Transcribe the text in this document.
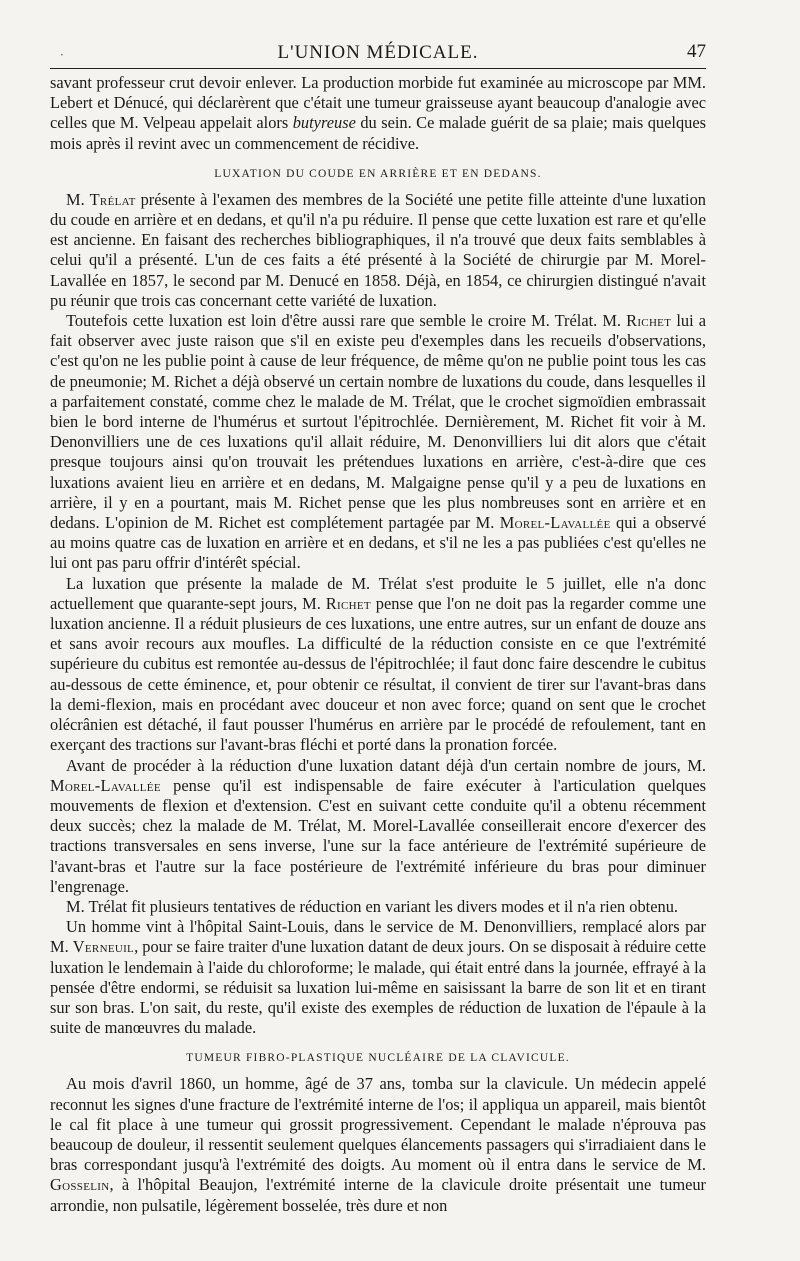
·	L'UNION MÉDICALE.	47

savant professeur crut devoir enlever. La production morbide fut examinée au microscope par MM. Lebert et Dénucé, qui déclarèrent que c'était une tumeur graisseuse ayant beaucoup d'analogie avec celles que M. Velpeau appelait alors butyreuse du sein. Ce malade guérit de sa plaie; mais quelques mois après il revint avec un commencement de récidive.

LUXATION DU COUDE EN ARRIÈRE ET EN DEDANS.

M. Trélat présente à l'examen des membres de la Société une petite fille atteinte d'une luxation du coude en arrière et en dedans, et qu'il n'a pu réduire. Il pense que cette luxation est rare et qu'elle est ancienne. En faisant des recherches bibliographiques, il n'a trouvé que deux faits semblables à celui qu'il a présenté. L'un de ces faits a été présenté à la Société de chirurgie par M. Morel-Lavallée en 1857, le second par M. Denucé en 1858. Déjà, en 1854, ce chirurgien distingué n'avait pu réunir que trois cas concernant cette variété de luxation.

Toutefois cette luxation est loin d'être aussi rare que semble le croire M. Trélat. M. Richet lui a fait observer avec juste raison que s'il en existe peu d'exemples dans les recueils d'observations, c'est qu'on ne les publie point à cause de leur fréquence, de même qu'on ne publie point tous les cas de pneumonie; M. Richet a déjà observé un certain nombre de luxations du coude, dans lesquelles il a parfaitement constaté, comme chez le malade de M. Trélat, que le crochet sigmoïdien embrassait bien le bord interne de l'humérus et surtout l'épitrochlée. Dernièrement, M. Richet fit voir à M. Denonvilliers une de ces luxations qu'il allait réduire, M. Denonvilliers lui dit alors que c'était presque toujours ainsi qu'on trouvait les prétendues luxations en arrière, c'est-à-dire que ces luxations avaient lieu en arrière et en dedans, M. Malgaigne pense qu'il y a peu de luxations en arrière, il y en a pourtant, mais M. Richet pense que les plus nombreuses sont en arrière et en dedans. L'opinion de M. Richet est complétement partagée par M. Morel-Lavallée qui a observé au moins quatre cas de luxation en arrière et en dedans, et s'il ne les a pas publiées c'est qu'elles ne lui ont pas paru offrir d'intérêt spécial.

La luxation que présente la malade de M. Trélat s'est produite le 5 juillet, elle n'a donc actuellement que quarante-sept jours, M. Richet pense que l'on ne doit pas la regarder comme une luxation ancienne. Il a réduit plusieurs de ces luxations, une entre autres, sur un enfant de douze ans et sans avoir recours aux moufles. La difficulté de la réduction consiste en ce que l'extrémité supérieure du cubitus est remontée au-dessus de l'épitrochlée; il faut donc faire descendre le cubitus au-dessous de cette éminence, et, pour obtenir ce résultat, il convient de tirer sur l'avant-bras dans la demi-flexion, mais en procédant avec douceur et non avec force; quand on sent que le crochet olécrânien est détaché, il faut pousser l'humérus en arrière par le procédé de refoulement, tant en exerçant des tractions sur l'avant-bras fléchi et porté dans la pronation forcée.

Avant de procéder à la réduction d'une luxation datant déjà d'un certain nombre de jours, M. Morel-Lavallée pense qu'il est indispensable de faire exécuter à l'articulation quelques mouvements de flexion et d'extension. C'est en suivant cette conduite qu'il a obtenu récemment deux succès; chez la malade de M. Trélat, M. Morel-Lavallée conseillerait encore d'exercer des tractions transversales en sens inverse, l'une sur la face antérieure de l'extrémité supérieure de l'avant-bras et l'autre sur la face postérieure de l'extrémité inférieure du bras pour diminuer l'engrenage.

M. Trélat fit plusieurs tentatives de réduction en variant les divers modes et il n'a rien obtenu.

Un homme vint à l'hôpital Saint-Louis, dans le service de M. Denonvilliers, remplacé alors par M. Verneuil, pour se faire traiter d'une luxation datant de deux jours. On se disposait à réduire cette luxation le lendemain à l'aide du chloroforme; le malade, qui était entré dans la journée, effrayé à la pensée d'être endormi, se réduisit sa luxation lui-même en saisissant la barre de son lit et en tirant sur son bras. L'on sait, du reste, qu'il existe des exemples de réduction de luxation de l'épaule à la suite de manœuvres du malade.

TUMEUR FIBRO-PLASTIQUE NUCLÉAIRE DE LA CLAVICULE.

Au mois d'avril 1860, un homme, âgé de 37 ans, tomba sur la clavicule. Un médecin appelé reconnut les signes d'une fracture de l'extrémité interne de l'os; il appliqua un appareil, mais bientôt le cal fit place à une tumeur qui grossit progressivement. Cependant le malade n'éprouva pas beaucoup de douleur, il ressentit seulement quelques élancements passagers qui s'irradiaient dans le bras correspondant jusqu'à l'extrémité des doigts. Au moment où il entra dans le service de M. Gosselin, à l'hôpital Beaujon, l'extrémité interne de la clavicule droite présentait une tumeur arrondie, non pulsatile, légèrement bosselée, très dure et non
